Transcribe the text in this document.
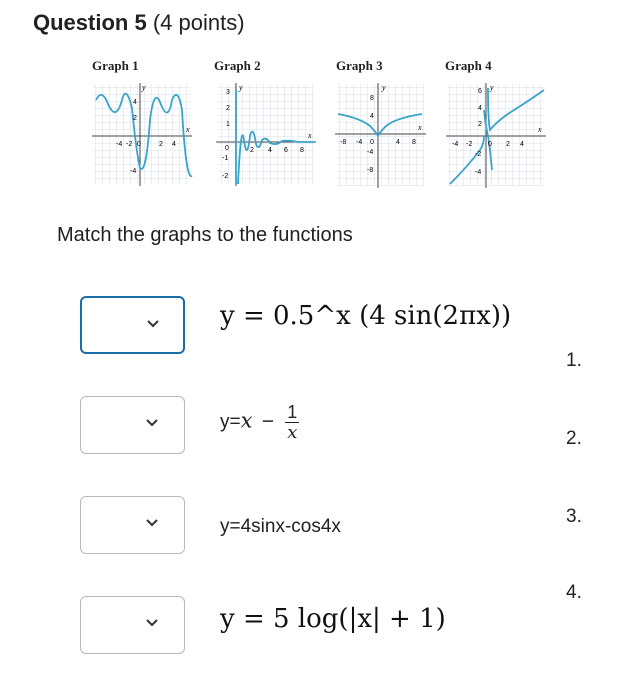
Question 5 (4 points)
Graph 1	Graph 2	Graph 3	Graph 4
y
x
-4 -2 0	2 4
4
2
-4
y
x
0	2 4 6 8
3
2
1
-1
-2
y
x
-8 -4 0	4 8
8
4
-4
-8
y
x
-4 -2 0 2 4
6
4
2
-2
-4
Match the graphs to the functions
y = 0.5^x (4 sin(2πx))
$y=x - \frac{1}{x}$
y=4sinx-cos4x
y = 5 log(|x| + 1)
1.
2.
3.
4.
